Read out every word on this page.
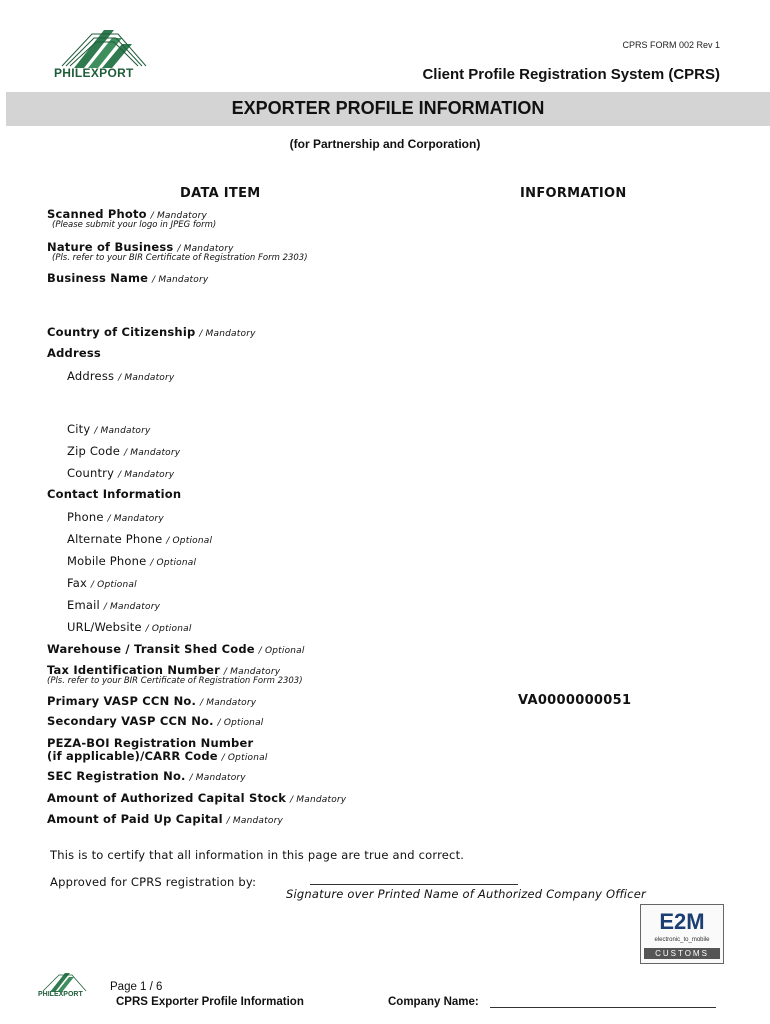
PHILEXPORT
CPRS FORM 002 Rev 1
Client Profile Registration System (CPRS)
EXPORTER PROFILE INFORMATION
(for Partnership and Corporation)
DATA ITEM	INFORMATION
Scanned Photo / Mandatory
(Please submit your logo in JPEG form)
Nature of Business / Mandatory
(Pls. refer to your BIR Certificate of Registration Form 2303)
Business Name / Mandatory
Country of Citizenship / Mandatory
Address
Address / Mandatory
City / Mandatory
Zip Code / Mandatory
Country / Mandatory
Contact Information
Phone / Mandatory
Alternate Phone / Optional
Mobile Phone / Optional
Fax / Optional
Email / Mandatory
URL/Website / Optional
Warehouse / Transit Shed Code / Optional
Tax Identification Number / Mandatory
(Pls. refer to your BIR Certificate of Registration Form 2303)
Primary VASP CCN No. / Mandatory	VA0000000051
Secondary VASP CCN No. / Optional
PEZA-BOI Registration Number
(if applicable)/CARR Code / Optional
SEC Registration No. / Mandatory
Amount of Authorized Capital Stock / Mandatory
Amount of Paid Up Capital / Mandatory
This is to certify that all information in this page are true and correct.
Approved for CPRS registration by:
Signature over Printed Name of Authorized Company Officer
E2M
electronic_to_mobile
CUSTOMS
PHILEXPORT
Page 1 / 6
CPRS Exporter Profile Information	Company Name:
